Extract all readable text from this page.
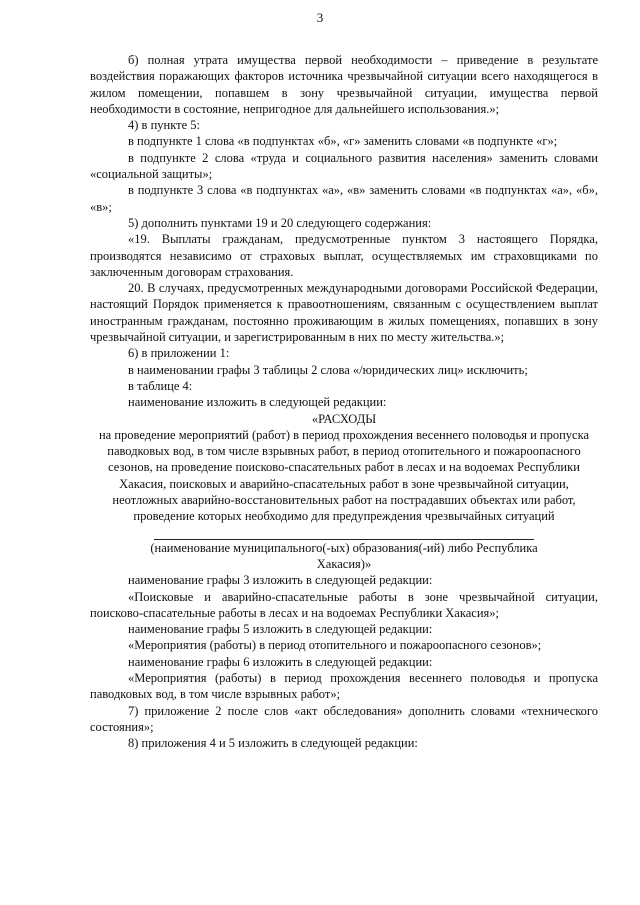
3

б) полная утрата имущества первой необходимости – приведение в результате воздействия поражающих факторов источника чрезвычайной ситуации всего находящегося в жилом помещении, попавшем в зону чрезвычайной ситуации, имущества первой необходимости в состояние, непригодное для дальнейшего использования.»;

4) в пункте 5:

в подпункте 1 слова «в подпунктах «б», «г» заменить словами «в подпункте «г»;

в подпункте 2 слова «труда и социального развития населения» заменить словами «социальной защиты»;

в подпункте 3 слова «в подпунктах «а», «в» заменить словами «в подпунктах «а», «б», «в»;

5) дополнить пунктами 19 и 20 следующего содержания:

«19. Выплаты гражданам, предусмотренные пунктом 3 настоящего Порядка, производятся независимо от страховых выплат, осуществляемых им страховщиками по заключенным договорам страхования.

20. В случаях, предусмотренных международными договорами Российской Федерации, настоящий Порядок применяется к правоотношениям, связанным с осуществлением выплат иностранным гражданам, постоянно проживающим в жилых помещениях, попавших в зону чрезвычайной ситуации, и зарегистрированным в них по месту жительства.»;

6) в приложении 1:

в наименовании графы 3 таблицы 2 слова «/юридических лиц» исключить;

в таблице 4:

наименование изложить в следующей редакции:

«РАСХОДЫ

на проведение мероприятий (работ) в период прохождения весеннего половодья и пропуска паводковых вод, в том числе взрывных работ, в период отопительного и пожароопасного сезонов, на проведение поисково-спасательных работ в лесах и на водоемах Республики Хакасия, поисковых и аварийно-спасательных работ в зоне чрезвычайной ситуации, неотложных аварийно-восстановительных работ на пострадавших объектах или работ, проведение которых необходимо для предупреждения чрезвычайных ситуаций

(наименование муниципального(-ых) образования(-ий) либо Республика Хакасия)»

наименование графы 3 изложить в следующей редакции:

«Поисковые и аварийно-спасательные работы в зоне чрезвычайной ситуации, поисково-спасательные работы в лесах и на водоемах Республики Хакасия»;

наименование графы 5 изложить в следующей редакции:

«Мероприятия (работы) в период отопительного и пожароопасного сезонов»;

наименование графы 6 изложить в следующей редакции:

«Мероприятия (работы) в период прохождения весеннего половодья и пропуска паводковых вод, в том числе взрывных работ»;

7) приложение 2 после слов «акт обследования» дополнить словами «технического состояния»;

8) приложения 4 и 5 изложить в следующей редакции:
